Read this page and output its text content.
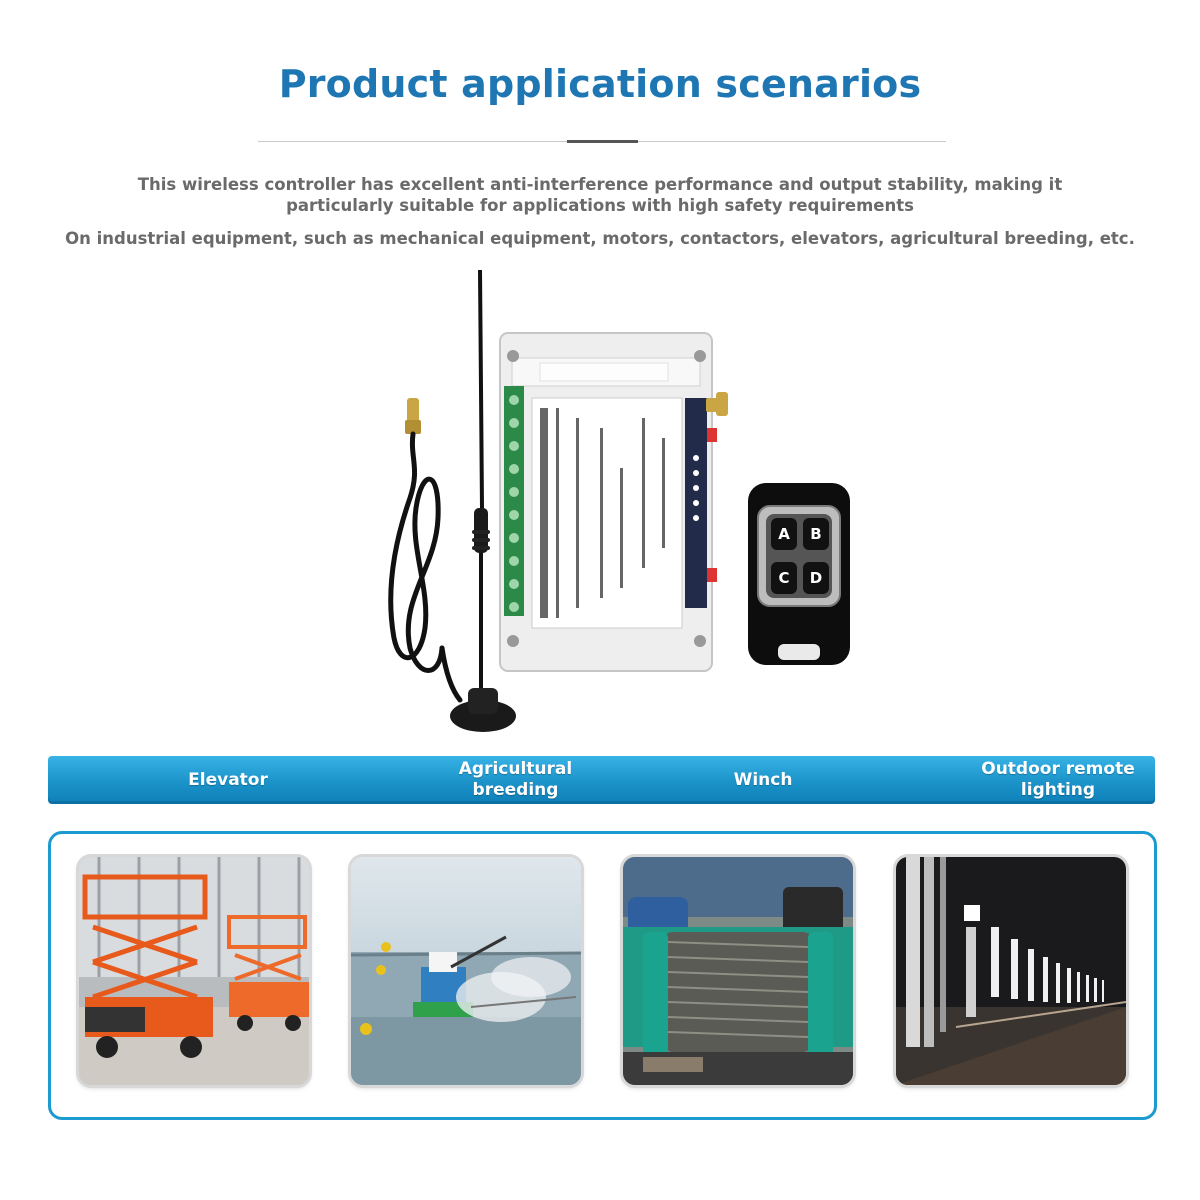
Product application scenarios
This wireless controller has excellent anti-interference performance and output stability, making it particularly suitable for applications with high safety requirements
On industrial equipment, such as mechanical equipment, motors, contactors, elevators, agricultural breeding, etc.
A B
C D
Elevator
Agricultural breeding
Winch
Outdoor remote lighting
